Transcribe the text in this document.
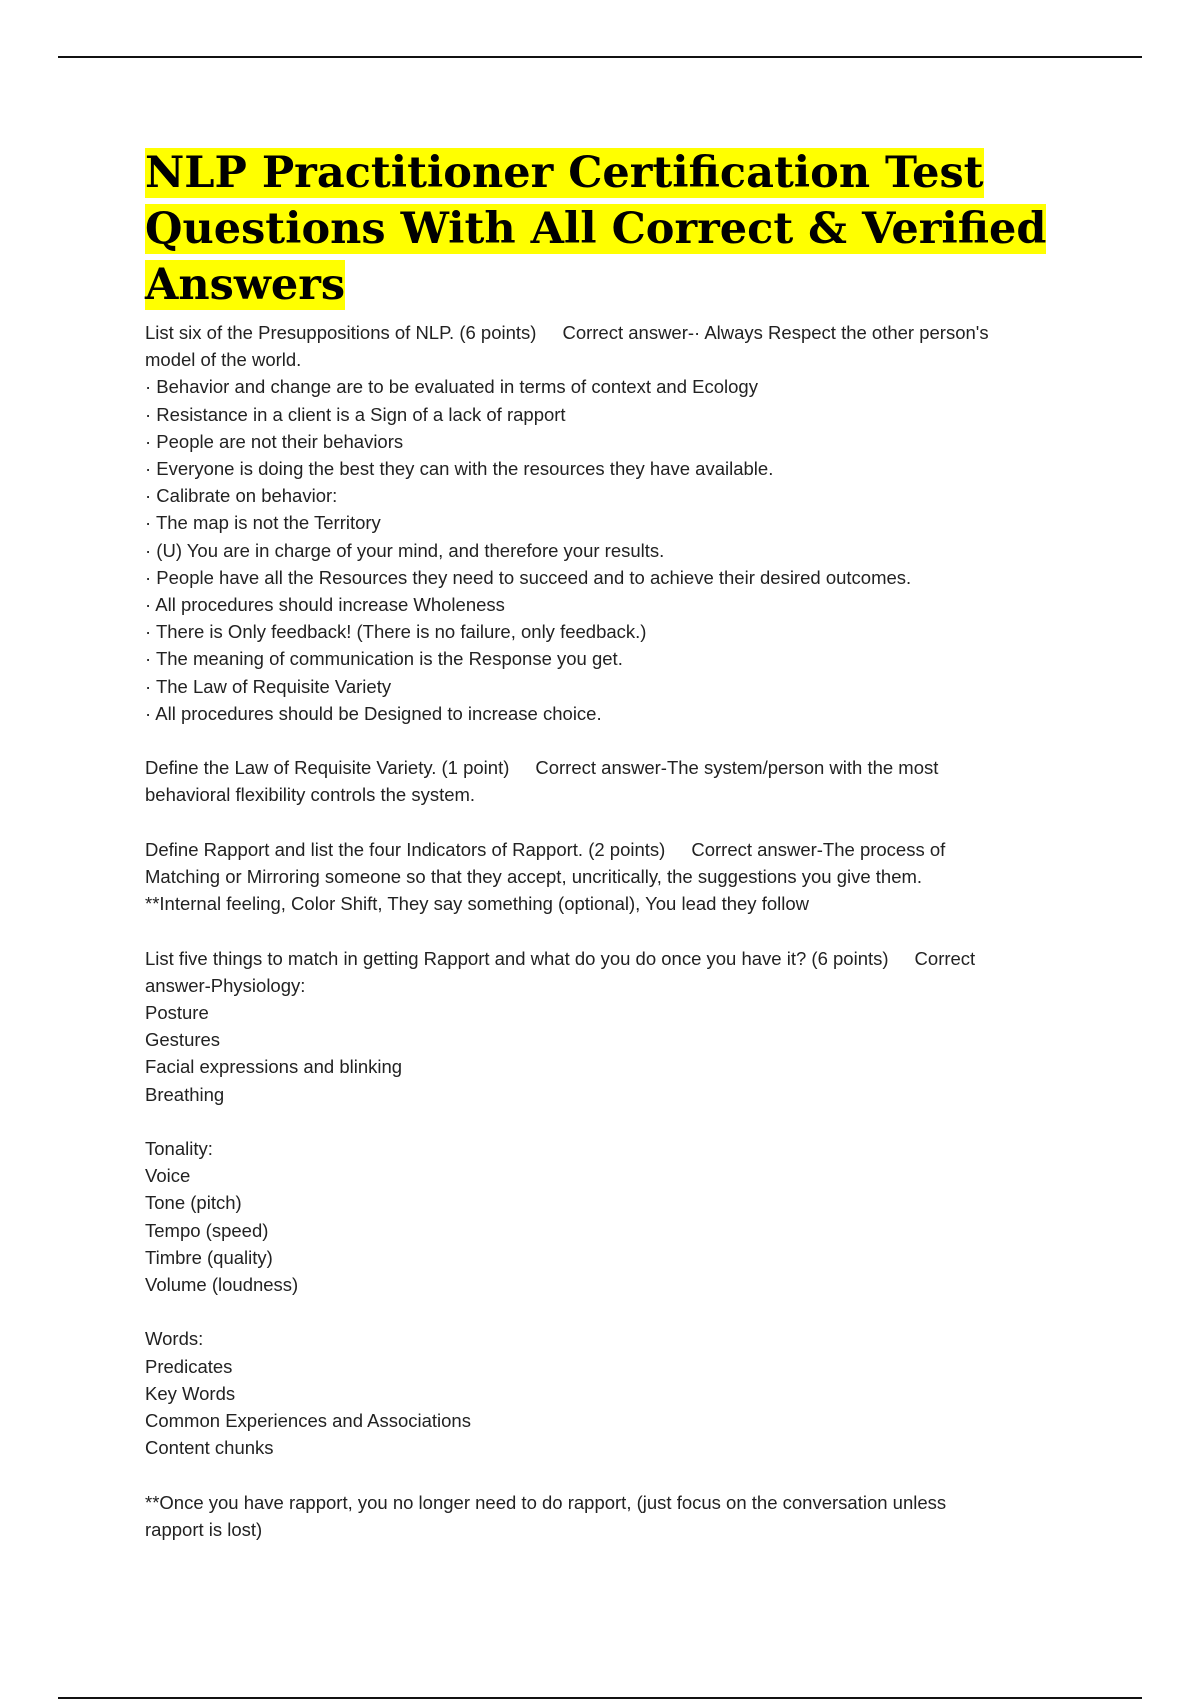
NLP Practitioner Certification Test
Questions With All Correct & Verified
Answers
List six of the Presuppositions of NLP. (6 points) Correct answer-· Always Respect the other person's
model of the world.
· Behavior and change are to be evaluated in terms of context and Ecology
· Resistance in a client is a Sign of a lack of rapport
· People are not their behaviors
· Everyone is doing the best they can with the resources they have available.
· Calibrate on behavior:
· The map is not the Territory
· (U) You are in charge of your mind, and therefore your results.
· People have all the Resources they need to succeed and to achieve their desired outcomes.
· All procedures should increase Wholeness
· There is Only feedback! (There is no failure, only feedback.)
· The meaning of communication is the Response you get.
· The Law of Requisite Variety
· All procedures should be Designed to increase choice.
Define the Law of Requisite Variety. (1 point) Correct answer-The system/person with the most
behavioral flexibility controls the system.
Define Rapport and list the four Indicators of Rapport. (2 points) Correct answer-The process of
Matching or Mirroring someone so that they accept, uncritically, the suggestions you give them.
**Internal feeling, Color Shift, They say something (optional), You lead they follow
List five things to match in getting Rapport and what do you do once you have it? (6 points) Correct
answer-Physiology:
Posture
Gestures
Facial expressions and blinking
Breathing
Tonality:
Voice
Tone (pitch)
Tempo (speed)
Timbre (quality)
Volume (loudness)
Words:
Predicates
Key Words
Common Experiences and Associations
Content chunks
**Once you have rapport, you no longer need to do rapport, (just focus on the conversation unless
rapport is lost)
